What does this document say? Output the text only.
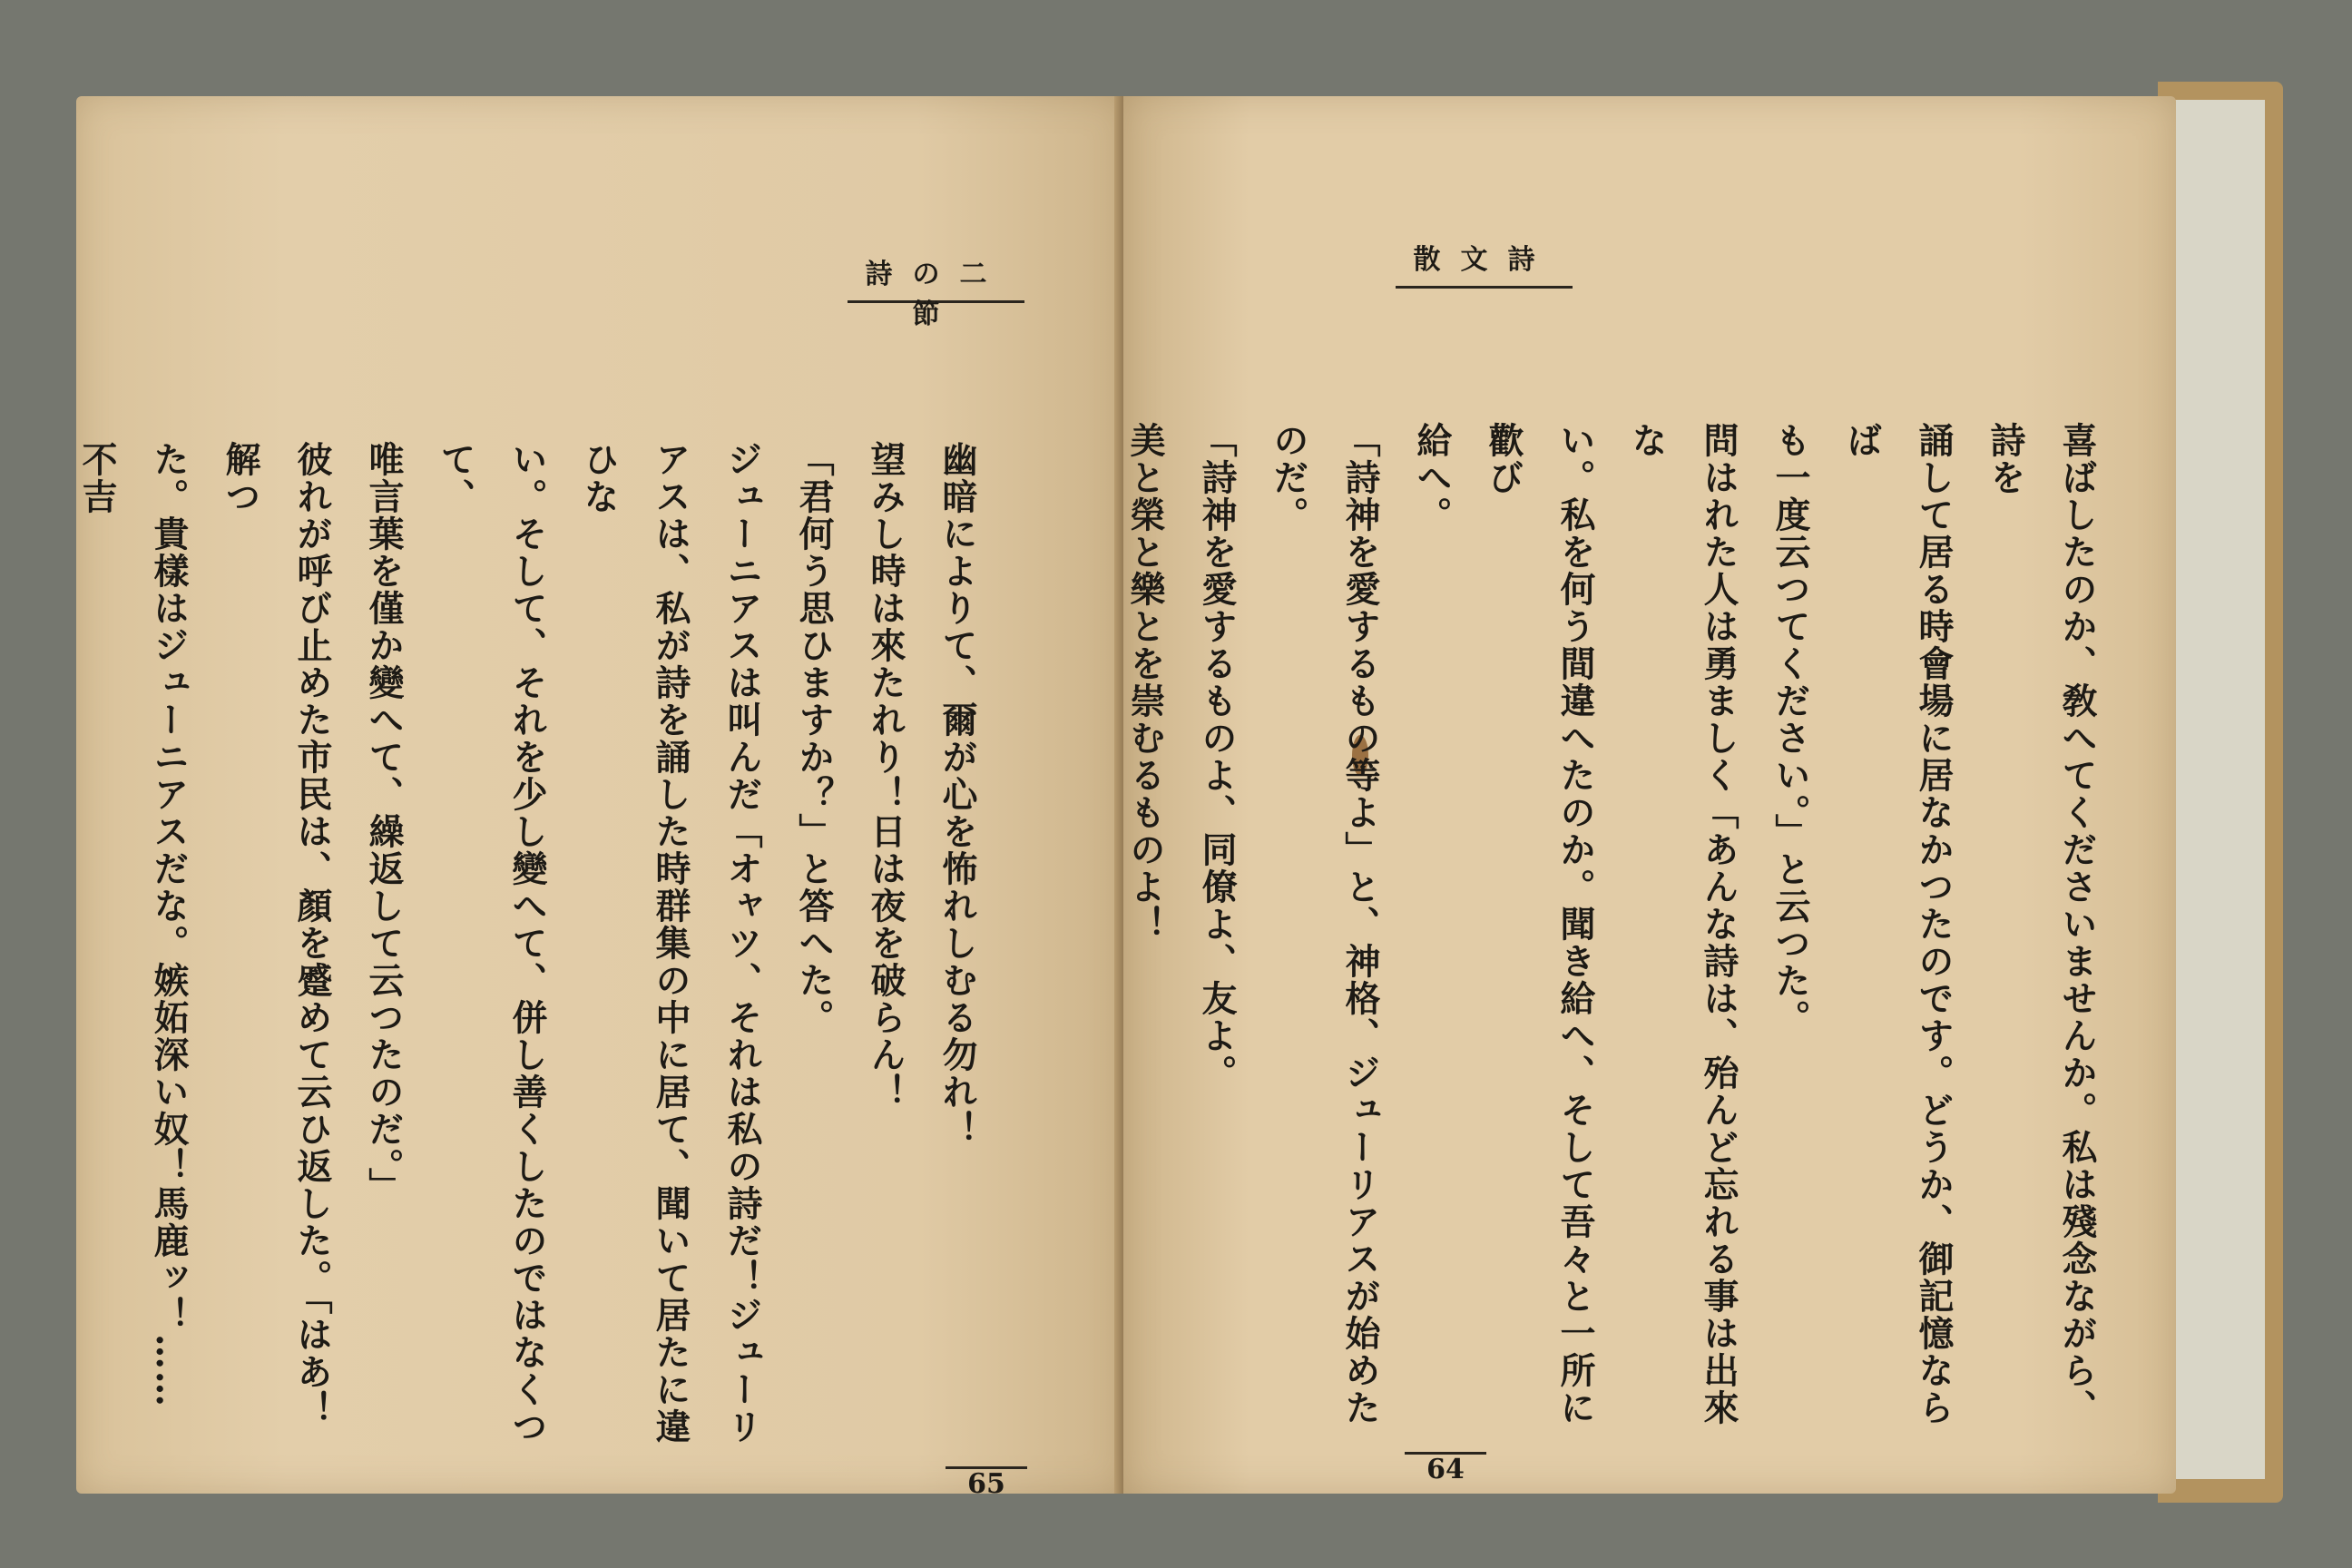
詩の二節

幽暗によりて、爾が心を怖れしむる勿れ！

望みし時は來たれり！日は夜を破らん！

「君何う思ひますか？」と答へた。

ジューニアスは叫んだ「オャツ、それは私の詩だ！ジューリ

アスは、私が詩を誦した時群集の中に居て、聞いて居たに違ひな

い。そして、それを少し變へて、併し善くしたのではなくつて、

唯言葉を僅か變へて、繰返して云つたのだ。」

彼れが呼び止めた市民は、顏を蹙めて云ひ返した。「はあ！解つ

た。貴樣はジューニアスだな。嫉妬深い奴！馬鹿ッ！……　不吉

65
散文詩

喜ばしたのか、敎へてくださいませんか。私は殘念ながら、詩を

誦して居る時會場に居なかつたのです。どうか、御記憶ならば

も一度云つてください。」と云つた。

問はれた人は勇ましく「あんな詩は、殆んど忘れる事は出來な

い。私を何う間違へたのか。聞き給へ、そして吾々と一所に歡び

給へ。

「詩神を愛するもの等よ」と、神格、ジューリアスが始めたのだ。

「詩神を愛するものよ、同僚よ、友よ。

美と榮と樂とを崇むるものよ！

64
